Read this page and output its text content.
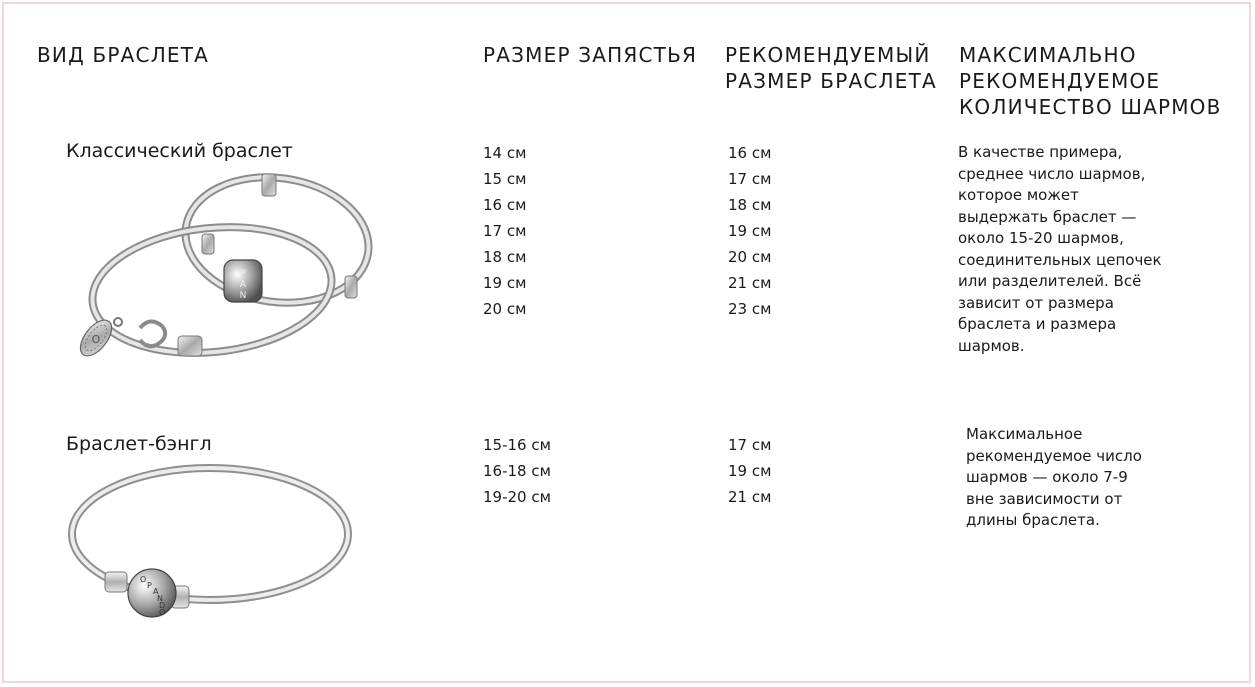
ВИД БРАСЛЕТА	РАЗМЕР ЗАПЯСТЬЯ РЕКОМЕНДУЕМЫЙ
РАЗМЕР БРАСЛЕТА
МАКСИМАЛЬНО
РЕКОМЕНДУЕМОЕ
КОЛИЧЕСТВО ШАРМОВ
Классический браслет
P
A
N
O
14 см
15 см
16 см
17 см
18 см
19 см
20 см
16 см
17 см
18 см
19 см
20 см
21 см
23 см
В качестве примера,
среднее число шармов,
которое может
выдержать браслет —
около 15-20 шармов,
соединительных цепочек
или разделителей. Всё
зависит от размера
браслета и размера
шармов.
Браслет-бэнгл
O
P
A
N
D
O
15-16 см
16-18 см
19-20 см
17 см
19 см
21 см
Максимальное
рекомендуемое число
шармов — около 7-9
вне зависимости от
длины браслета.
